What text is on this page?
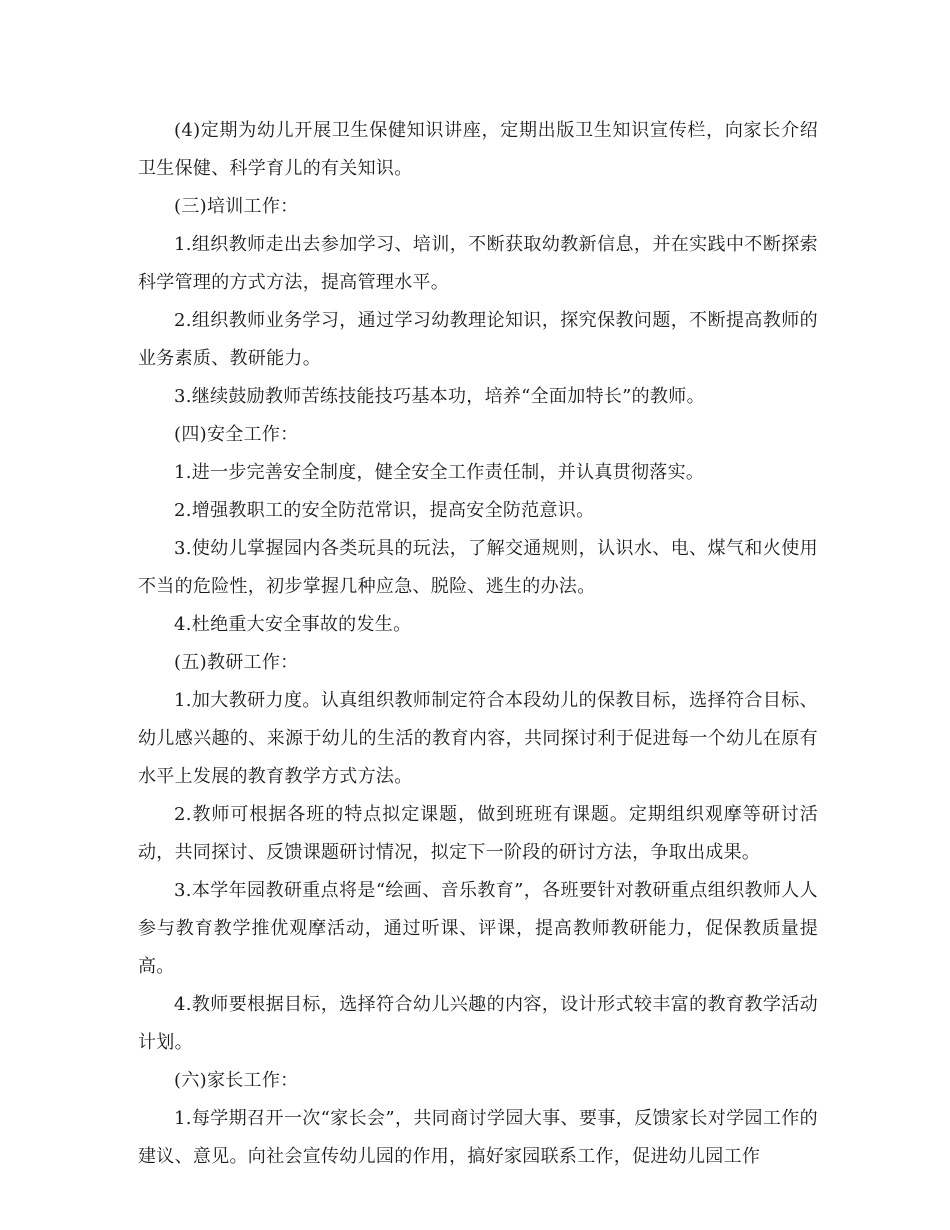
(4)定期为幼儿开展卫生保健知识讲座，定期出版卫生知识宣传栏，向家长介绍卫生保健、科学育儿的有关知识。

(三)培训工作：

1.组织教师走出去参加学习、培训，不断获取幼教新信息，并在实践中不断探索科学管理的方式方法，提高管理水平。

2.组织教师业务学习，通过学习幼教理论知识，探究保教问题，不断提高教师的业务素质、教研能力。

3.继续鼓励教师苦练技能技巧基本功，培养“全面加特长”的教师。

(四)安全工作：

1.进一步完善安全制度，健全安全工作责任制，并认真贯彻落实。

2.增强教职工的安全防范常识，提高安全防范意识。

3.使幼儿掌握园内各类玩具的玩法，了解交通规则，认识水、电、煤气和火使用不当的危险性，初步掌握几种应急、脱险、逃生的办法。

4.杜绝重大安全事故的发生。

(五)教研工作：

1.加大教研力度。认真组织教师制定符合本段幼儿的保教目标，选择符合目标、幼儿感兴趣的、来源于幼儿的生活的教育内容，共同探讨利于促进每一个幼儿在原有水平上发展的教育教学方式方法。

2.教师可根据各班的特点拟定课题，做到班班有课题。定期组织观摩等研讨活动，共同探讨、反馈课题研讨情况，拟定下一阶段的研讨方法，争取出成果。

3.本学年园教研重点将是“绘画、音乐教育”，各班要针对教研重点组织教师人人参与教育教学推优观摩活动，通过听课、评课，提高教师教研能力，促保教质量提高。

4.教师要根据目标，选择符合幼儿兴趣的内容，设计形式较丰富的教育教学活动计划。

(六)家长工作：

1.每学期召开一次“家长会”，共同商讨学园大事、要事，反馈家长对学园工作的建议、意见。向社会宣传幼儿园的作用，搞好家园联系工作，促进幼儿园工作
